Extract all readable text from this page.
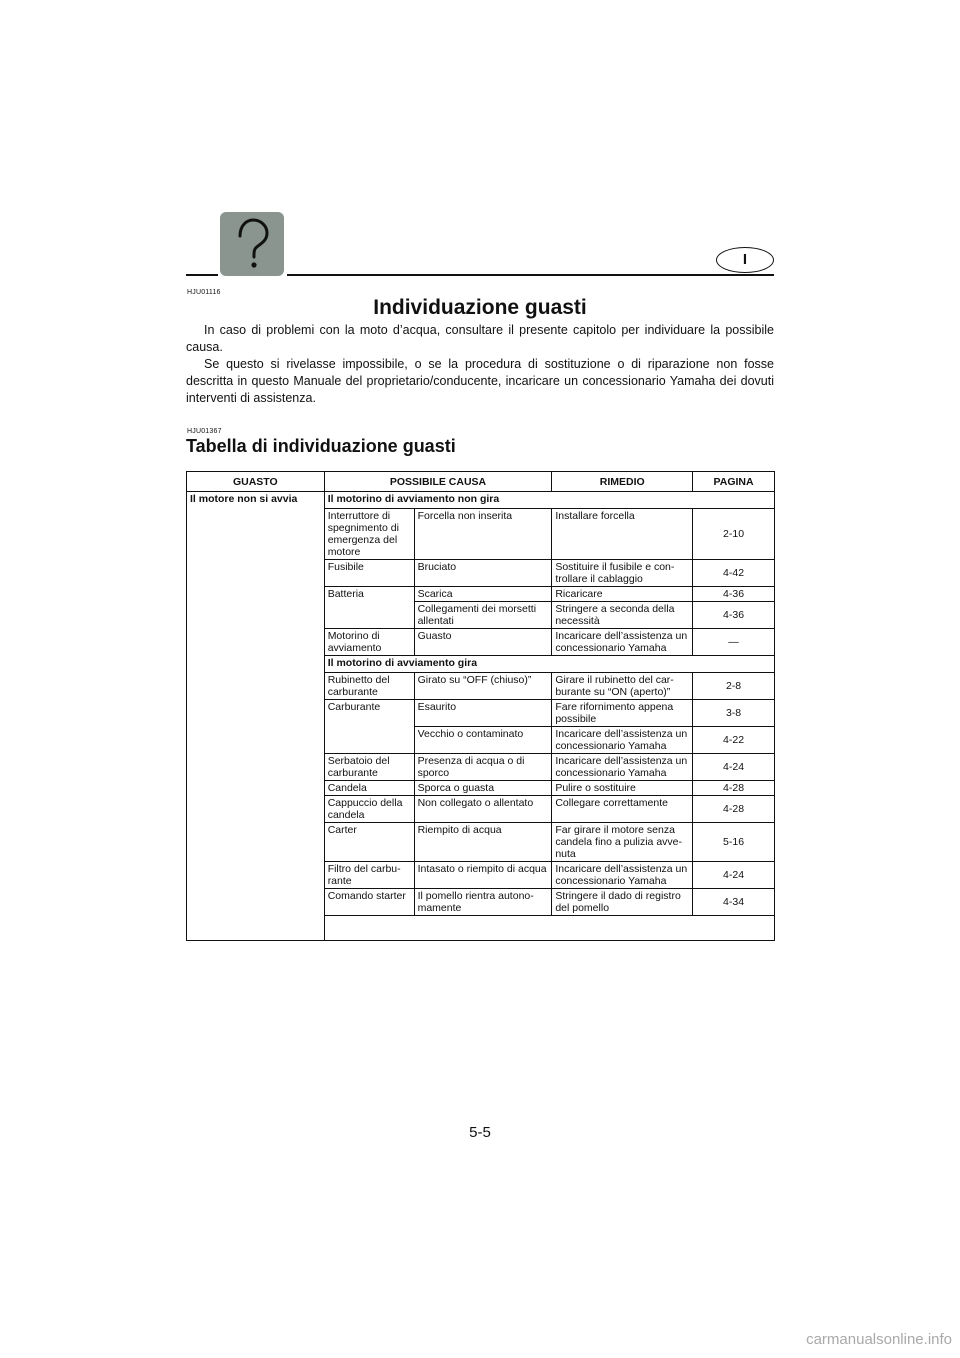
I
HJU01116
Individuazione guasti

In caso di problemi con la moto d’acqua, consultare il presente capitolo per individuare la possibile causa.

Se questo si rivelasse impossibile, o se la procedura di sostituzione o di riparazione non fosse descritta in questo Manuale del proprietario/conducente, incaricare un concessionario Yamaha dei dovuti interventi di assistenza.

HJU01367
Tabella di individuazione guasti
GUASTO	POSSIBILE CAUSA		RIMEDIO	PAGINA
Il motore non si avvia	Il motorino di avviamento non gira			
	Interruttore di spegnimento di emergenza del motore	Forcella non inserita	Installare forcella	2-10
	Fusibile	Bruciato	Sostituire il fusibile e con-trollare il cablaggio	4-42
	Batteria	Scarica	Ricaricare	4-36
		Collegamenti dei morsetti allentati	Stringere a seconda della necessità	4-36
	Motorino di avviamento	Guasto	Incaricare dell’assistenza un concessionario Yamaha	—
	Il motorino di avviamento gira			
	Rubinetto del carburante	Girato su “OFF (chiuso)”	Girare il rubinetto del car-burante su “ON (aperto)”	2-8
	Carburante	Esaurito	Fare rifornimento appena possibile	3-8
		Vecchio o contaminato	Incaricare dell’assistenza un concessionario Yamaha	4-22
	Serbatoio del carburante	Presenza di acqua o di sporco	Incaricare dell’assistenza un concessionario Yamaha	4-24
	Candela	Sporca o guasta	Pulire o sostituire	4-28
	Cappuccio della candela	Non collegato o allentato	Collegare correttamente	4-28
	Carter	Riempito di acqua	Far girare il motore senza candela fino a pulizia avve-nuta	5-16
	Filtro del carbu-rante	Intasato o riempito di acqua	Incaricare dell’assistenza un concessionario Yamaha	4-24
	Comando starter	Il pomello rientra autono-mamente	Stringere il dado di registro del pomello	4-34

5-5
carmanualsonline.info
